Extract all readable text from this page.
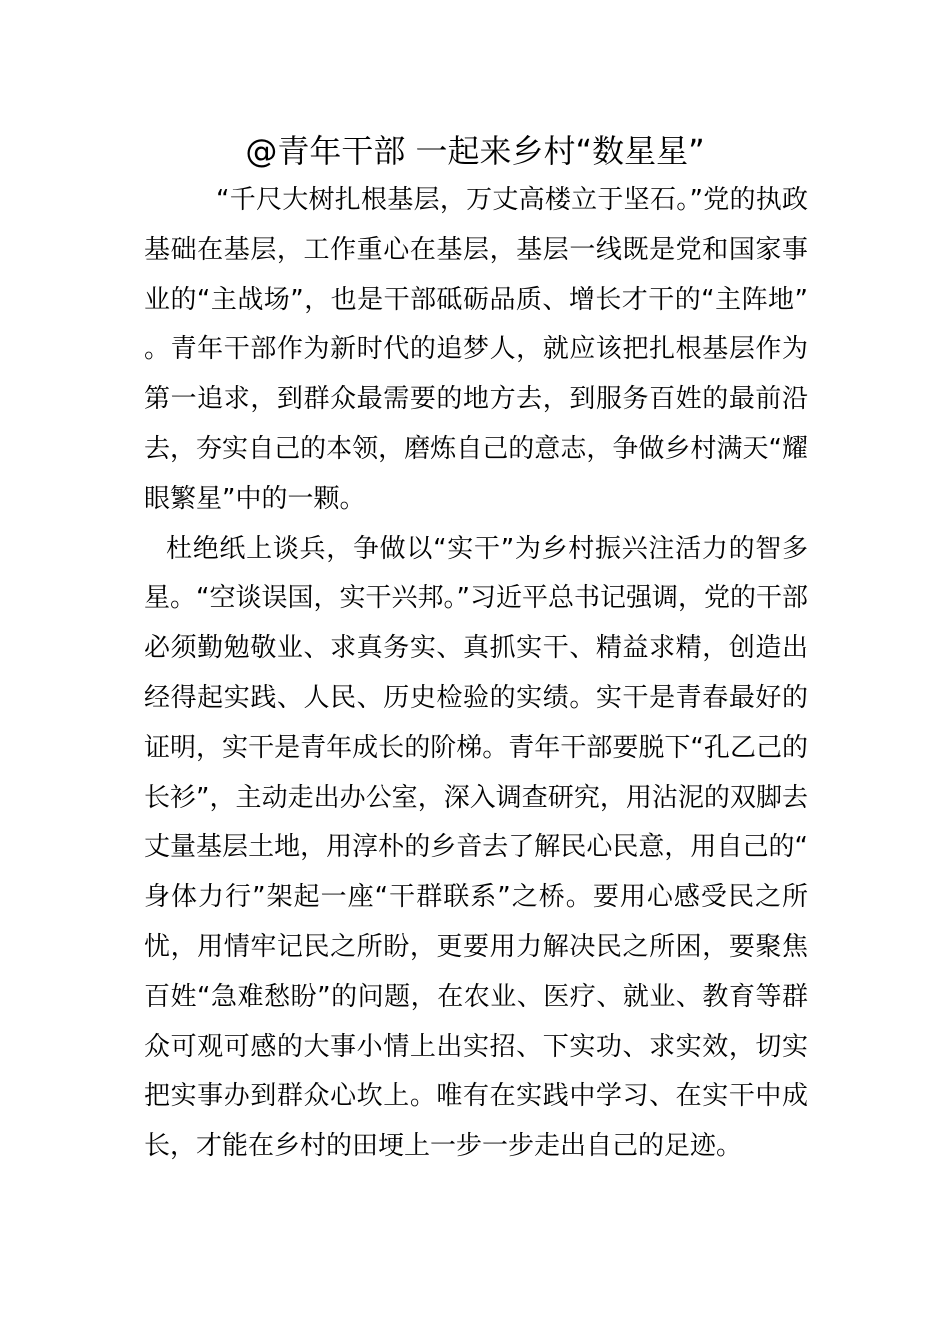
@青年干部 一起来乡村“数星星”

“千尺大树扎根基层，万丈高楼立于坚石。”党的执政基础在基层，工作重心在基层，基层一线既是党和国家事业的“主战场”，也是干部砥砺品质、增长才干的“主阵地”。青年干部作为新时代的追梦人，就应该把扎根基层作为第一追求，到群众最需要的地方去，到服务百姓的最前沿去，夯实自己的本领，磨炼自己的意志，争做乡村满天“耀眼繁星”中的一颗。

杜绝纸上谈兵，争做以“实干”为乡村振兴注活力的智多星。“空谈误国，实干兴邦。”习近平总书记强调，党的干部必须勤勉敬业、求真务实、真抓实干、精益求精，创造出经得起实践、人民、历史检验的实绩。实干是青春最好的证明，实干是青年成长的阶梯。青年干部要脱下“孔乙己的长衫”，主动走出办公室，深入调查研究，用沾泥的双脚去丈量基层土地，用淳朴的乡音去了解民心民意，用自己的“身体力行”架起一座“干群联系”之桥。要用心感受民之所忧，用情牢记民之所盼，更要用力解决民之所困，要聚焦百姓“急难愁盼”的问题，在农业、医疗、就业、教育等群众可观可感的大事小情上出实招、下实功、求实效，切实把实事办到群众心坎上。唯有在实践中学习、在实干中成长，才能在乡村的田埂上一步一步走出自己的足迹。
